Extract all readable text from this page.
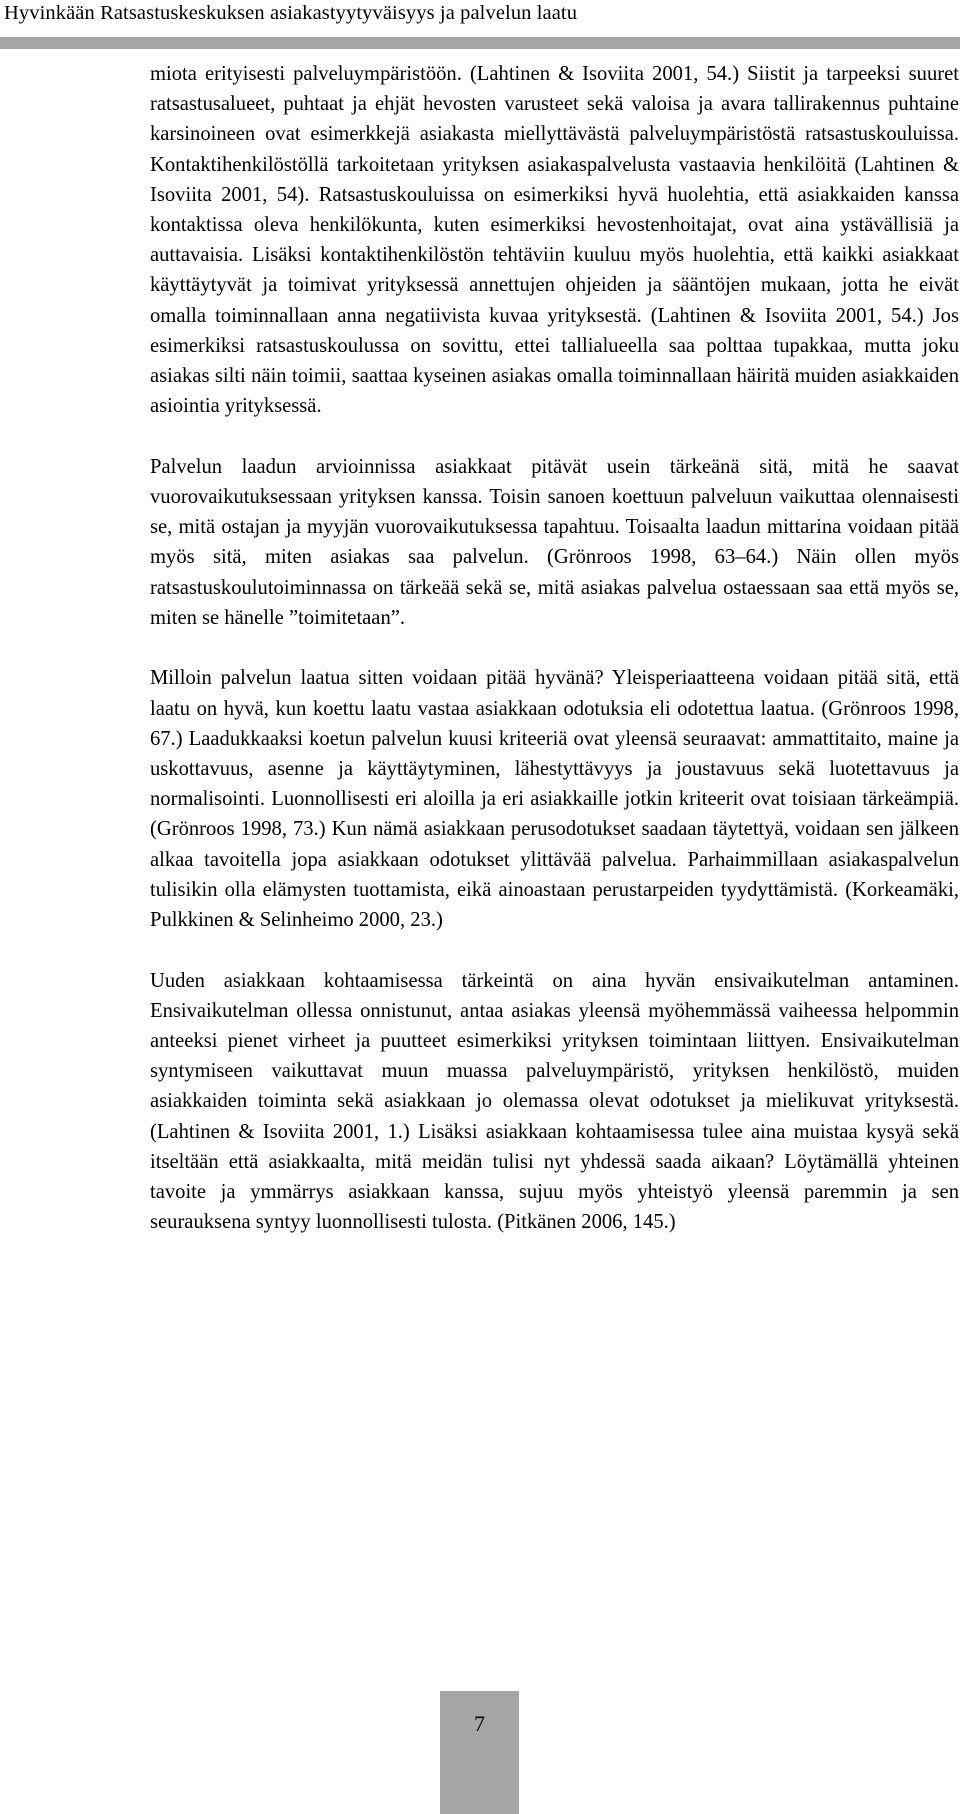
Hyvinkään Ratsastuskeskuksen asiakastyytyväisyys ja palvelun laatu

miota erityisesti palveluympäristöön. (Lahtinen & Isoviita 2001, 54.) Siistit ja tarpeeksi suuret ratsastusalueet, puhtaat ja ehjät hevosten varusteet sekä valoisa ja avara tallirakennus puhtaine karsinoineen ovat esimerkkejä asiakasta miellyttävästä palveluympäristöstä ratsastuskouluissa. Kontaktihenkilöstöllä tarkoitetaan yrityksen asiakaspalvelusta vastaavia henkilöitä (Lahtinen & Isoviita 2001, 54). Ratsastuskouluissa on esimerkiksi hyvä huolehtia, että asiakkaiden kanssa kontaktissa oleva henkilökunta, kuten esimerkiksi hevostenhoitajat, ovat aina ystävällisiä ja auttavaisia. Lisäksi kontaktihenkilöstön tehtäviin kuuluu myös huolehtia, että kaikki asiakkaat käyttäytyvät ja toimivat yrityksessä annettujen ohjeiden ja sääntöjen mukaan, jotta he eivät omalla toiminnallaan anna negatiivista kuvaa yrityksestä. (Lahtinen & Isoviita 2001, 54.) Jos esimerkiksi ratsastuskoulussa on sovittu, ettei tallialueella saa polttaa tupakkaa, mutta joku asiakas silti näin toimii, saattaa kyseinen asiakas omalla toiminnallaan häiritä muiden asiakkaiden asiointia yrityksessä.

Palvelun laadun arvioinnissa asiakkaat pitävät usein tärkeänä sitä, mitä he saavat vuorovaikutuksessaan yrityksen kanssa. Toisin sanoen koettuun palveluun vaikuttaa olennaisesti se, mitä ostajan ja myyjän vuorovaikutuksessa tapahtuu. Toisaalta laadun mittarina voidaan pitää myös sitä, miten asiakas saa palvelun. (Grönroos 1998, 63–64.) Näin ollen myös ratsastuskoulutoiminnassa on tärkeää sekä se, mitä asiakas palvelua ostaessaan saa että myös se, miten se hänelle ”toimitetaan”.

Milloin palvelun laatua sitten voidaan pitää hyvänä? Yleisperiaatteena voidaan pitää sitä, että laatu on hyvä, kun koettu laatu vastaa asiakkaan odotuksia eli odotettua laatua. (Grönroos 1998, 67.) Laadukkaaksi koetun palvelun kuusi kriteeriä ovat yleensä seuraavat: ammattitaito, maine ja uskottavuus, asenne ja käyttäytyminen, lähestyttävyys ja joustavuus sekä luotettavuus ja normalisointi. Luonnollisesti eri aloilla ja eri asiakkaille jotkin kriteerit ovat toisiaan tärkeämpiä. (Grönroos 1998, 73.) Kun nämä asiakkaan perusodotukset saadaan täytettyä, voidaan sen jälkeen alkaa tavoitella jopa asiakkaan odotukset ylittävää palvelua. Parhaimmillaan asiakaspalvelun tulisikin olla elämysten tuottamista, eikä ainoastaan perustarpeiden tyydyttämistä. (Korkeamäki, Pulkkinen & Selinheimo 2000, 23.)

Uuden asiakkaan kohtaamisessa tärkeintä on aina hyvän ensivaikutelman antaminen. Ensivaikutelman ollessa onnistunut, antaa asiakas yleensä myöhemmässä vaiheessa helpommin anteeksi pienet virheet ja puutteet esimerkiksi yrityksen toimintaan liittyen. Ensivaikutelman syntymiseen vaikuttavat muun muassa palveluympäristö, yrityksen henkilöstö, muiden asiakkaiden toiminta sekä asiakkaan jo olemassa olevat odotukset ja mielikuvat yrityksestä. (Lahtinen & Isoviita 2001, 1.) Lisäksi asiakkaan kohtaamisessa tulee aina muistaa kysyä sekä itseltään että asiakkaalta, mitä meidän tulisi nyt yhdessä saada aikaan? Löytämällä yhteinen tavoite ja ymmärrys asiakkaan kanssa, sujuu myös yhteistyö yleensä paremmin ja sen seurauksena syntyy luonnollisesti tulosta. (Pitkänen 2006, 145.)

7
